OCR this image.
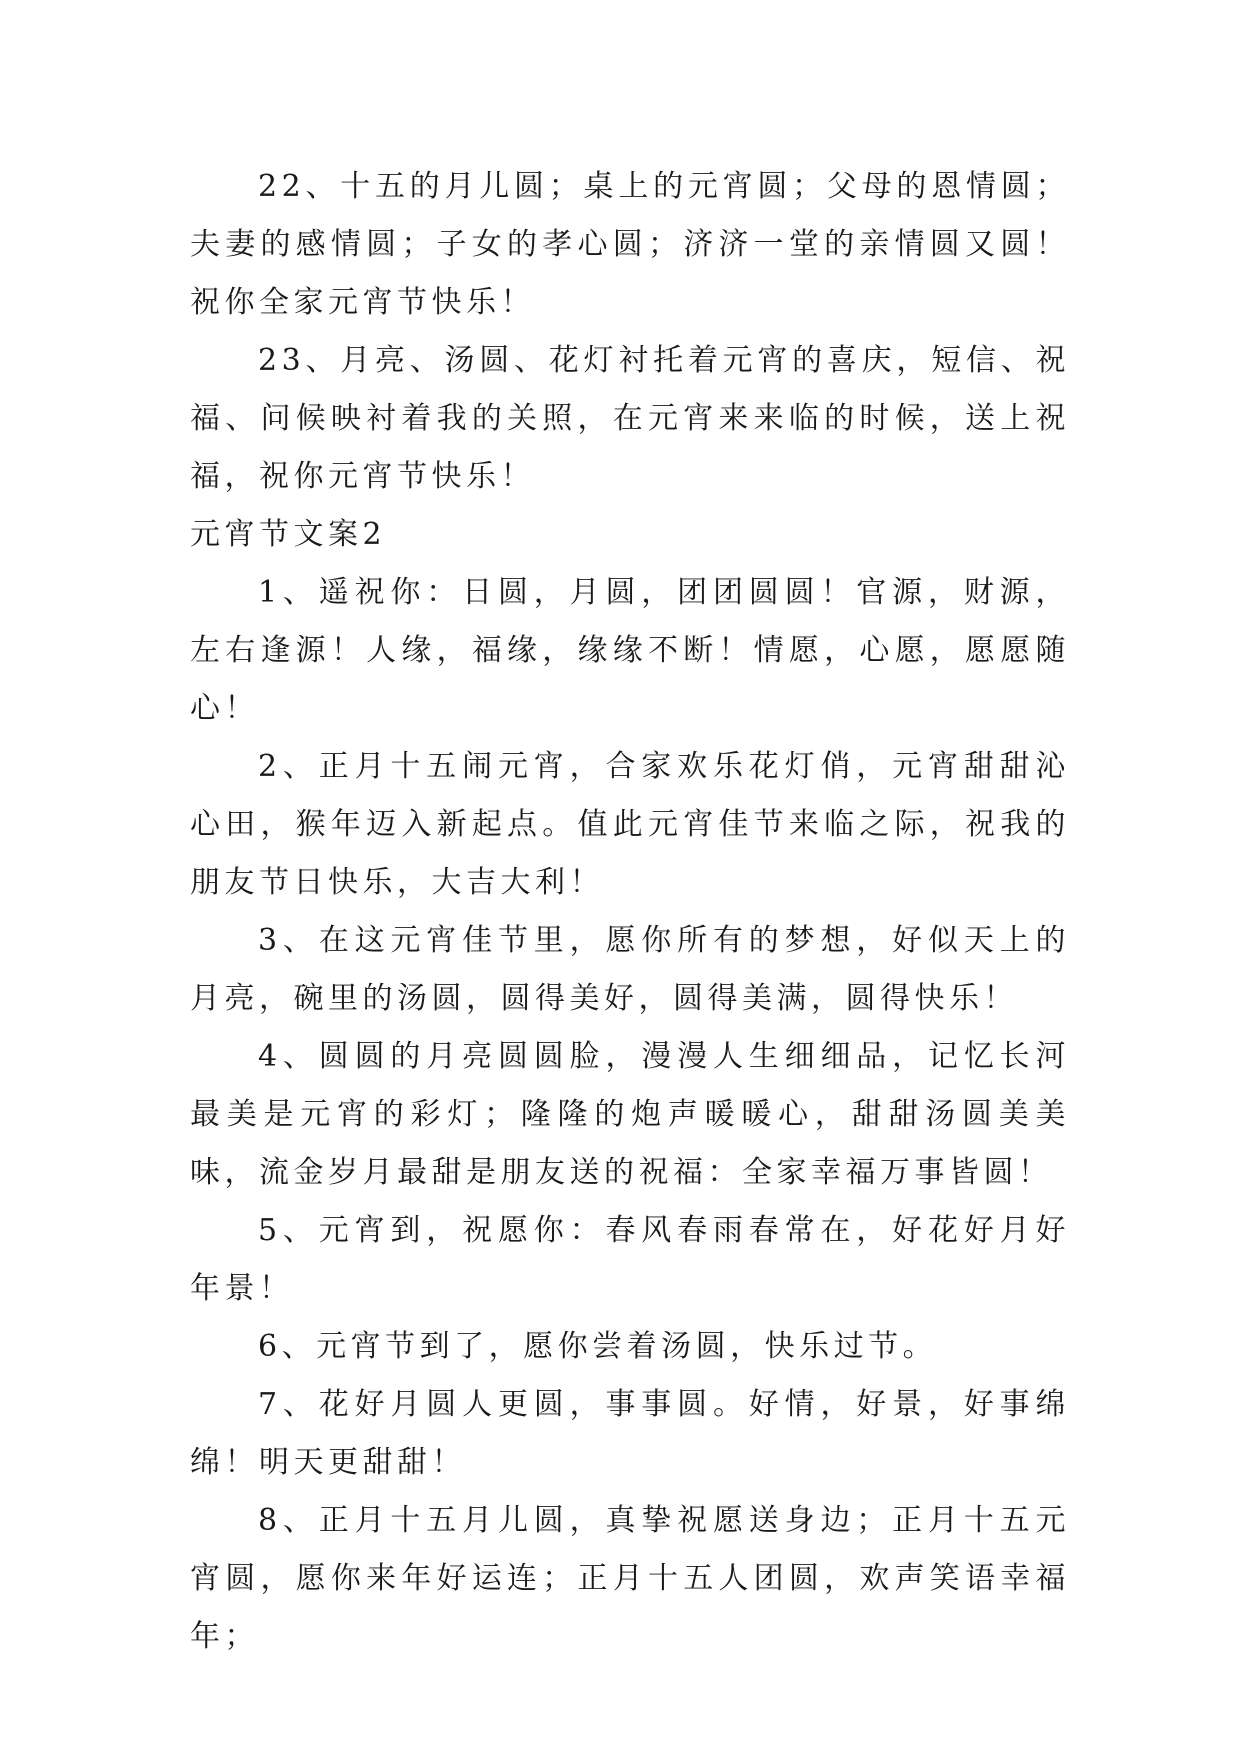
22、十五的月儿圆；桌上的元宵圆；父母的恩情圆；夫妻的感情圆；子女的孝心圆；济济一堂的亲情圆又圆！祝你全家元宵节快乐！

23、月亮、汤圆、花灯衬托着元宵的喜庆，短信、祝福、问候映衬着我的关照，在元宵来来临的时候，送上祝福，祝你元宵节快乐！

元宵节文案2

1、遥祝你：日圆，月圆，团团圆圆！官源，财源，左右逢源！人缘，福缘，缘缘不断！情愿，心愿，愿愿随心！

2、正月十五闹元宵，合家欢乐花灯俏，元宵甜甜沁心田，猴年迈入新起点。值此元宵佳节来临之际，祝我的朋友节日快乐，大吉大利！

3、在这元宵佳节里，愿你所有的梦想，好似天上的月亮，碗里的汤圆，圆得美好，圆得美满，圆得快乐！

4、圆圆的月亮圆圆脸，漫漫人生细细品，记忆长河最美是元宵的彩灯；隆隆的炮声暖暖心，甜甜汤圆美美味，流金岁月最甜是朋友送的祝福：全家幸福万事皆圆！

5、元宵到，祝愿你：春风春雨春常在，好花好月好年景！

6、元宵节到了，愿你尝着汤圆，快乐过节。

7、花好月圆人更圆，事事圆。好情，好景，好事绵绵！明天更甜甜！

8、正月十五月儿圆，真挚祝愿送身边；正月十五元宵圆，愿你来年好运连；正月十五人团圆，欢声笑语幸福年；
